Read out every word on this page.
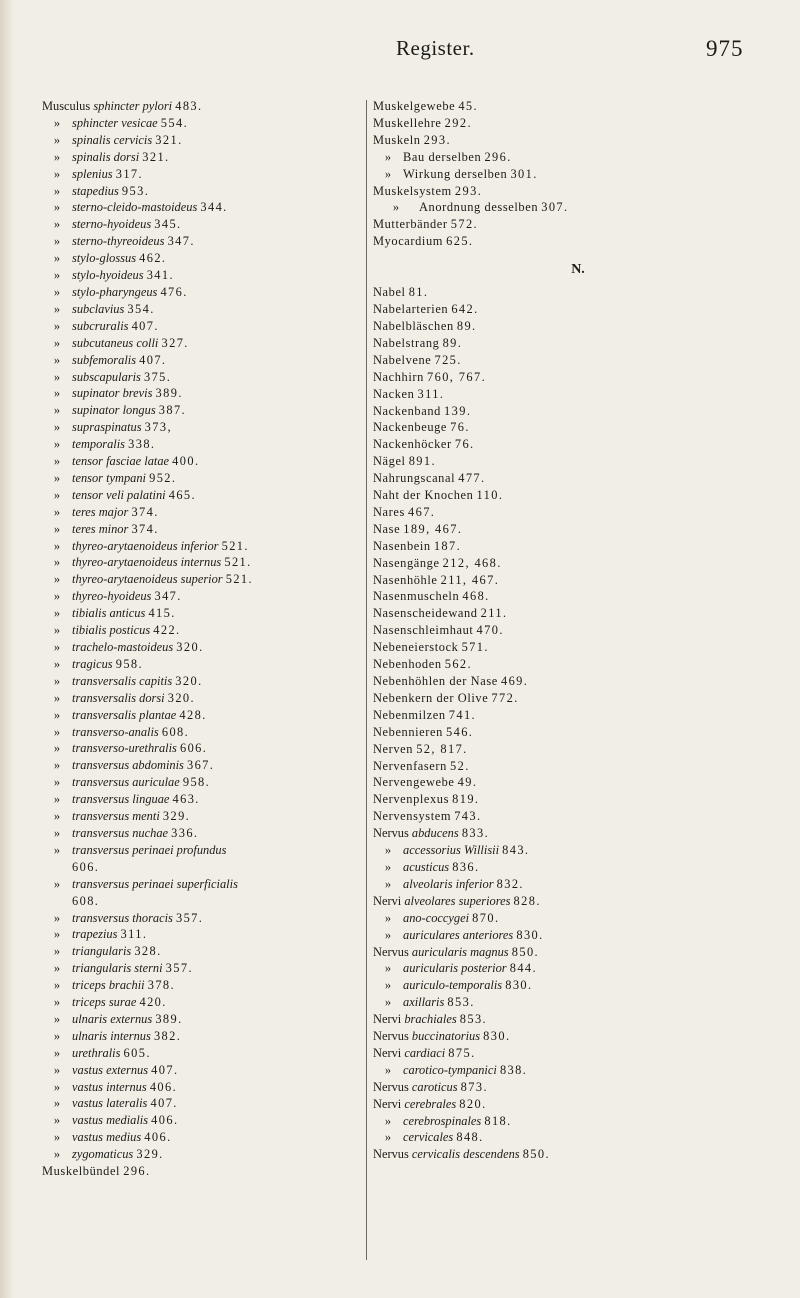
Register.	975
Musculus sphincter pylori 483.
» sphincter vesicae 554.
» spinalis cervicis 321.
» spinalis dorsi 321.
» splenius 317.
» stapedius 953.
» sterno-cleido-mastoideus 344.
» sterno-hyoideus 345.
» sterno-thyreoideus 347.
» stylo-glossus 462.
» stylo-hyoideus 341.
» stylo-pharyngeus 476.
» subclavius 354.
» subcruralis 407.
» subcutaneus colli 327.
» subfemoralis 407.
» subscapularis 375.
» supinator brevis 389.
» supinator longus 387.
» supraspinatus 373,
» temporalis 338.
» tensor fasciae latae 400.
» tensor tympani 952.
» tensor veli palatini 465.
» teres major 374.
» teres minor 374.
» thyreo-arytaenoideus inferior 521.
» thyreo-arytaenoideus internus 521.
» thyreo-arytaenoideus superior 521.
» thyreo-hyoideus 347.
» tibialis anticus 415.
» tibialis posticus 422.
» trachelo-mastoideus 320.
» tragicus 958.
» transversalis capitis 320.
» transversalis dorsi 320.
» transversalis plantae 428.
» transverso-analis 608.
» transverso-urethralis 606.
» transversus abdominis 367.
» transversus auriculae 958.
» transversus linguae 463.
» transversus menti 329.
» transversus nuchae 336.
» transversus perinaei profundus
606.
» transversus perinaei superficialis
608.
» transversus thoracis 357.
» trapezius 311.
» triangularis 328.
» triangularis sterni 357.
» triceps brachii 378.
» triceps surae 420.
» ulnaris externus 389.
» ulnaris internus 382.
» urethralis 605.
» vastus externus 407.
» vastus internus 406.
» vastus lateralis 407.
» vastus medialis 406.
» vastus medius 406.
» zygomaticus 329.
Muskelbündel 296.
Muskelgewebe 45.
Muskellehre 292.
Muskeln 293.
» Bau derselben 296.
» Wirkung derselben 301.
Muskelsystem 293.
» Anordnung desselben 307.
Mutterbänder 572.
Myocardium 625.
N.
Nabel 81.
Nabelarterien 642.
Nabelbläschen 89.
Nabelstrang 89.
Nabelvene 725.
Nachhirn 760, 767.
Nacken 311.
Nackenband 139.
Nackenbeuge 76.
Nackenhöcker 76.
Nägel 891.
Nahrungscanal 477.
Naht der Knochen 110.
Nares 467.
Nase 189, 467.
Nasenbein 187.
Nasengänge 212, 468.
Nasenhöhle 211, 467.
Nasenmuscheln 468.
Nasenscheidewand 211.
Nasenschleimhaut 470.
Nebeneierstock 571.
Nebenhoden 562.
Nebenhöhlen der Nase 469.
Nebenkern der Olive 772.
Nebenmilzen 741.
Nebennieren 546.
Nerven 52, 817.
Nervenfasern 52.
Nervengewebe 49.
Nervenplexus 819.
Nervensystem 743.
Nervus abducens 833.
» accessorius Willisii 843.
» acusticus 836.
» alveolaris inferior 832.
Nervi alveolares superiores 828.
» ano-coccygei 870.
» auriculares anteriores 830.
Nervus auricularis magnus 850.
» auricularis posterior 844.
» auriculo-temporalis 830.
» axillaris 853.
Nervi brachiales 853.
Nervus buccinatorius 830.
Nervi cardiaci 875.
» carotico-tympanici 838.
Nervus caroticus 873.
Nervi cerebrales 820.
» cerebrospinales 818.
» cervicales 848.
Nervus cervicalis descendens 850.
